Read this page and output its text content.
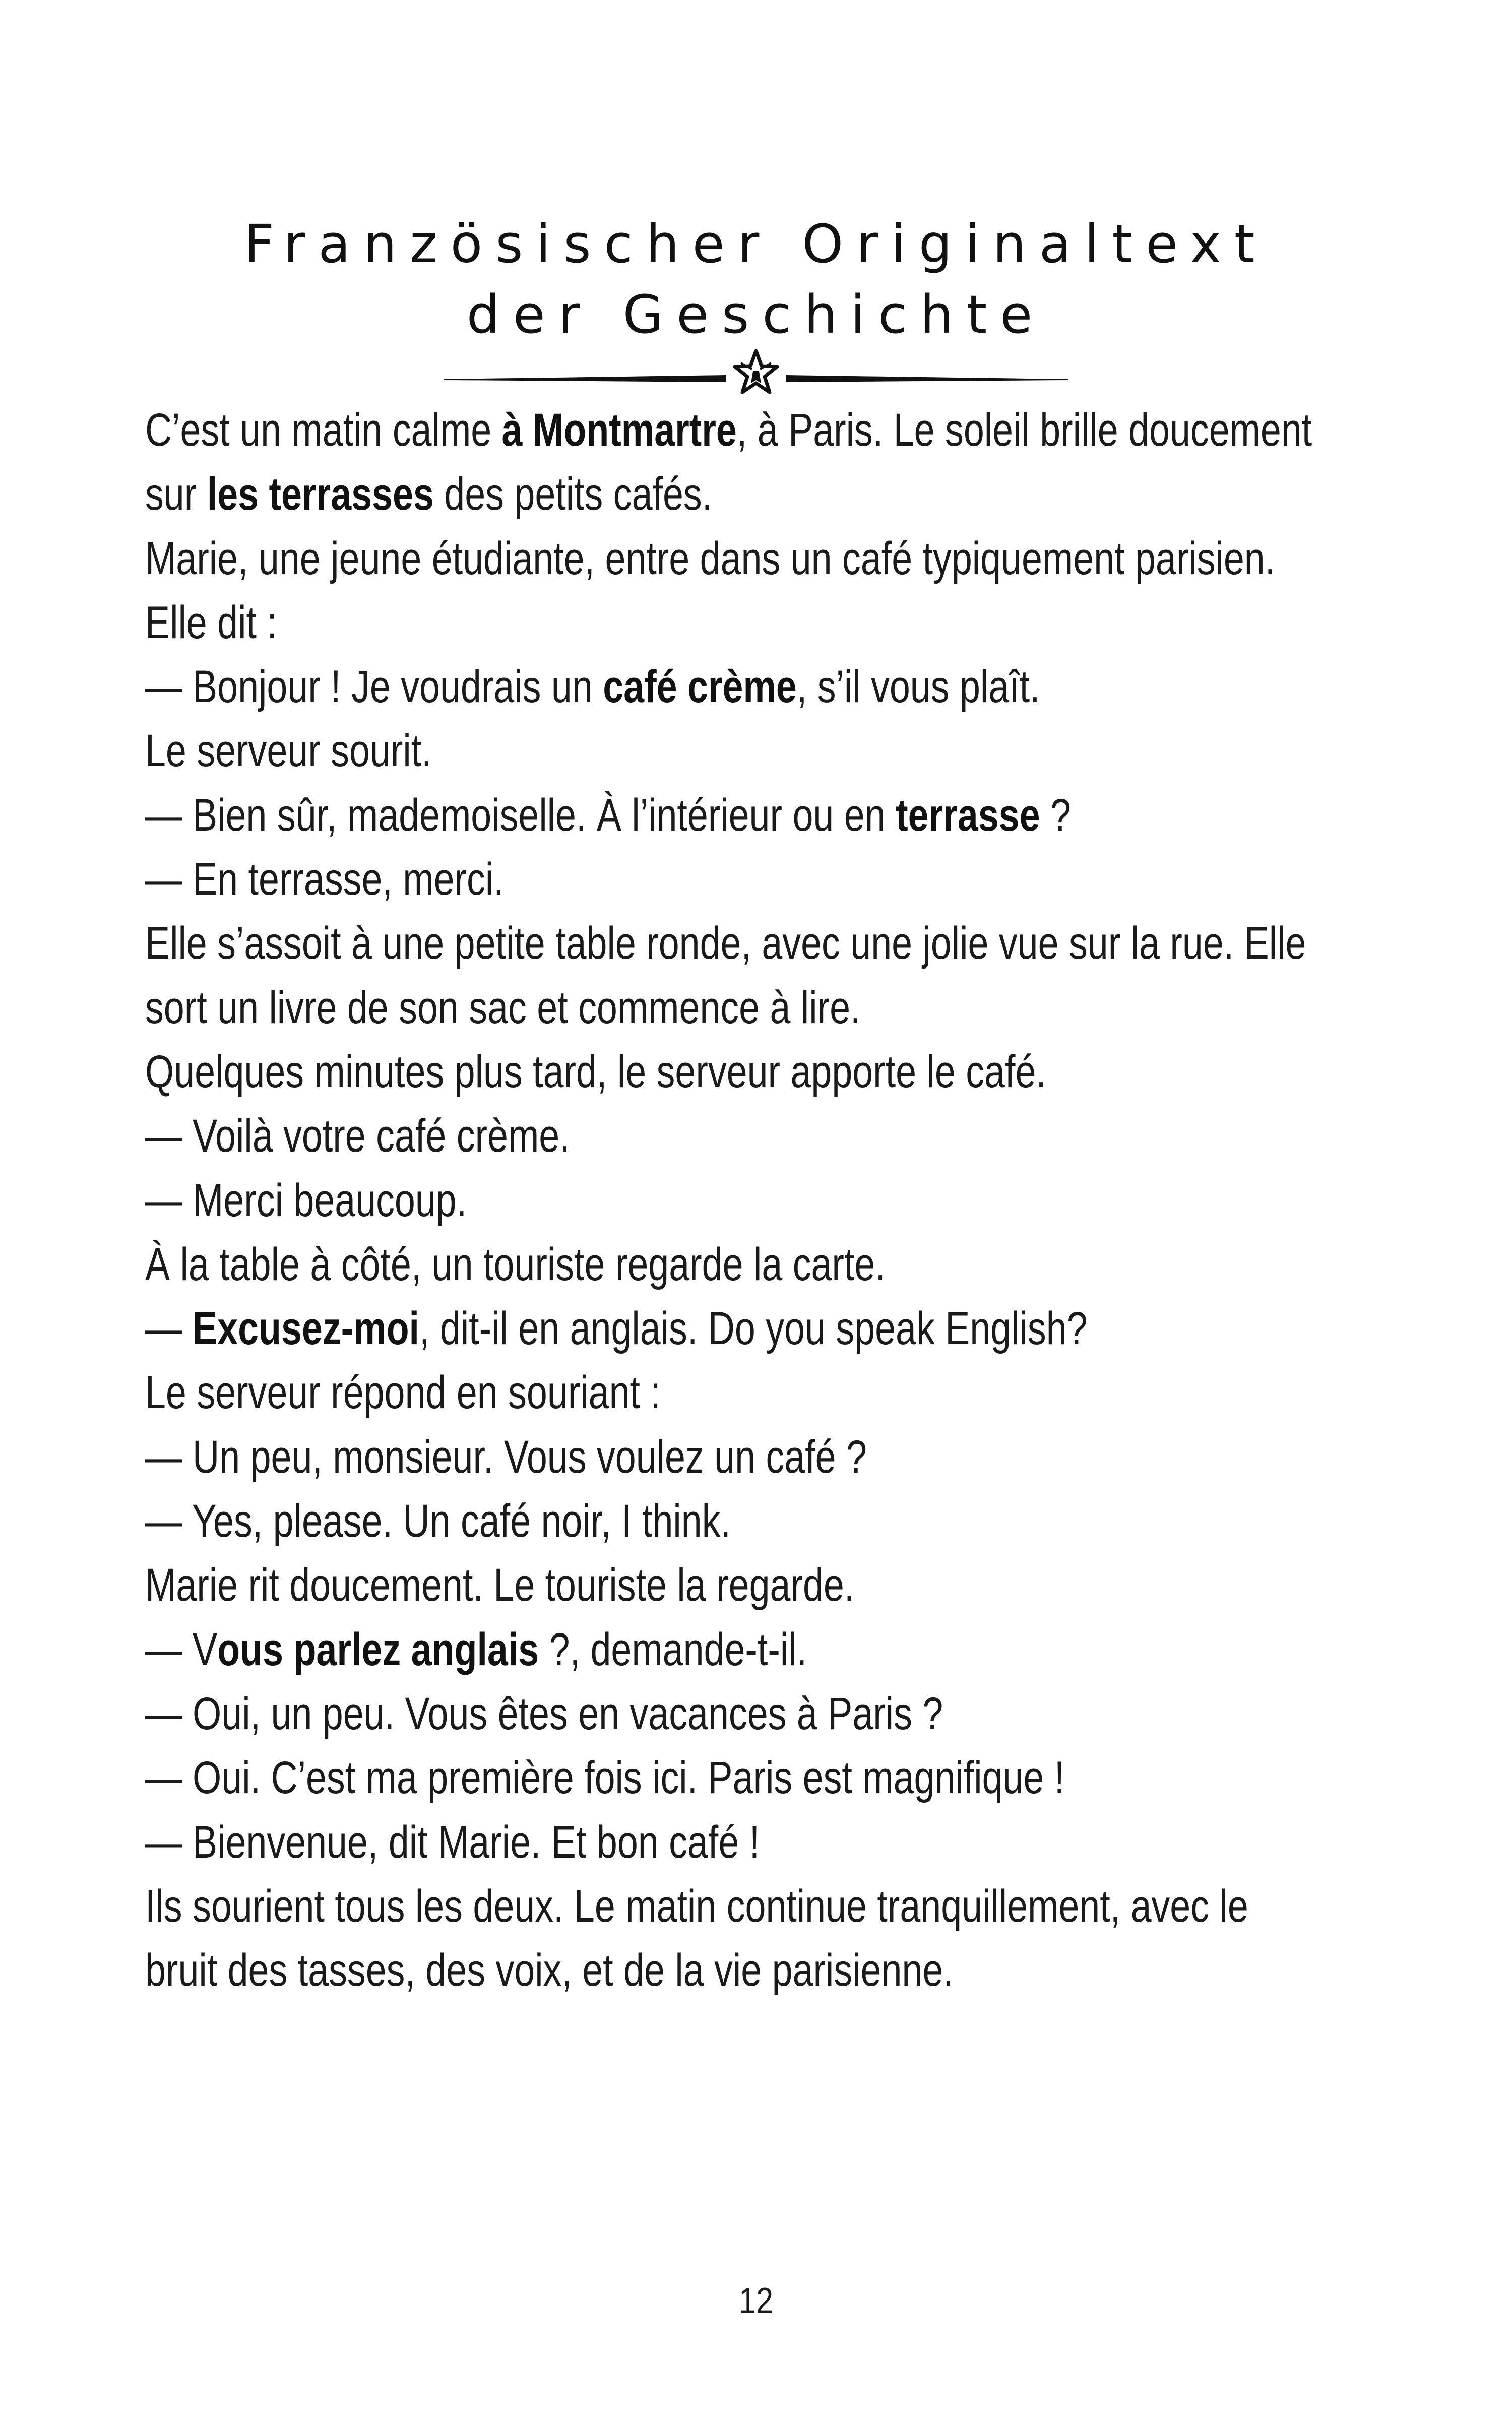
Französischer Originaltext
der Geschichte
C’est un matin calme à Montmartre, à Paris. Le soleil brille doucement
sur les terrasses des petits cafés.
Marie, une jeune étudiante, entre dans un café typiquement parisien.
Elle dit :
— Bonjour ! Je voudrais un café crème, s’il vous plaît.
Le serveur sourit.
— Bien sûr, mademoiselle. À l’intérieur ou en terrasse ?
— En terrasse, merci.
Elle s’assoit à une petite table ronde, avec une jolie vue sur la rue. Elle
sort un livre de son sac et commence à lire.
Quelques minutes plus tard, le serveur apporte le café.
— Voilà votre café crème.
— Merci beaucoup.
À la table à côté, un touriste regarde la carte.
— Excusez-moi, dit-il en anglais. Do you speak English?
Le serveur répond en souriant :
— Un peu, monsieur. Vous voulez un café ?
— Yes, please. Un café noir, I think.
Marie rit doucement. Le touriste la regarde.
— Vous parlez anglais ?, demande-t-il.
— Oui, un peu. Vous êtes en vacances à Paris ?
— Oui. C’est ma première fois ici. Paris est magnifique !
— Bienvenue, dit Marie. Et bon café !
Ils sourient tous les deux. Le matin continue tranquillement, avec le
bruit des tasses, des voix, et de la vie parisienne.
12
